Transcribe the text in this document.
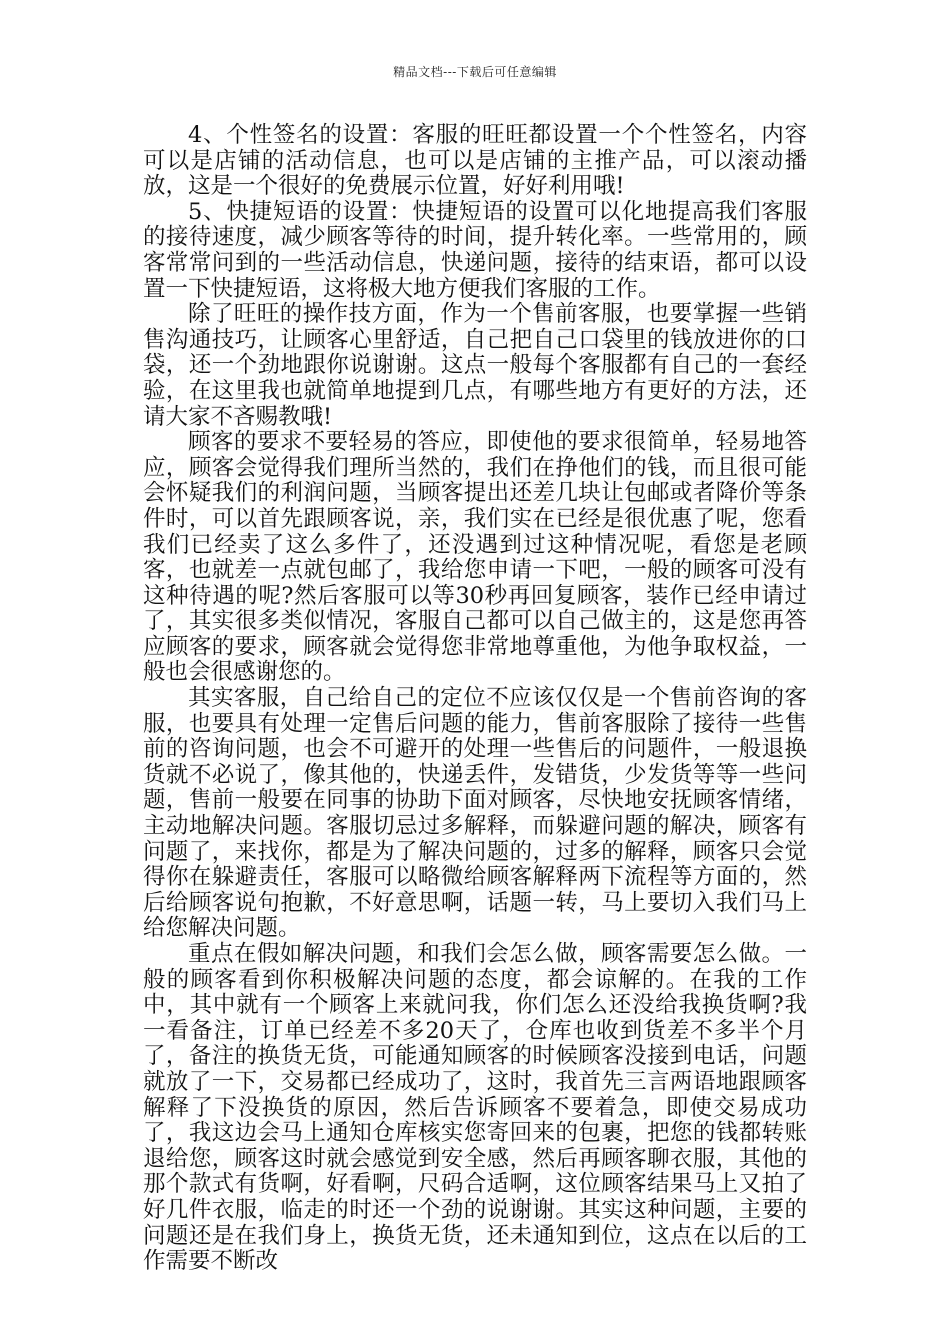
精品文档---下载后可任意编辑

4、个性签名的设置：客服的旺旺都设置一个个性签名，内容可以是店铺的活动信息，也可以是店铺的主推产品，可以滚动播放，这是一个很好的免费展示位置，好好利用哦!

5、快捷短语的设置：快捷短语的设置可以化地提高我们客服的接待速度，减少顾客等待的时间，提升转化率。一些常用的，顾客常常问到的一些活动信息，快递问题，接待的结束语，都可以设置一下快捷短语，这将极大地方便我们客服的工作。

除了旺旺的操作技方面，作为一个售前客服，也要掌握一些销售沟通技巧，让顾客心里舒适，自己把自己口袋里的钱放进你的口袋，还一个劲地跟你说谢谢。这点一般每个客服都有自己的一套经验，在这里我也就简单地提到几点，有哪些地方有更好的方法，还请大家不吝赐教哦!

顾客的要求不要轻易的答应，即使他的要求很简单，轻易地答应，顾客会觉得我们理所当然的，我们在挣他们的钱，而且很可能会怀疑我们的利润问题，当顾客提出还差几块让包邮或者降价等条件时，可以首先跟顾客说，亲，我们实在已经是很优惠了呢，您看我们已经卖了这么多件了，还没遇到过这种情况呢，看您是老顾客，也就差一点就包邮了，我给您申请一下吧，一般的顾客可没有这种待遇的呢?然后客服可以等30秒再回复顾客，装作已经申请过了，其实很多类似情况，客服自己都可以自己做主的，这是您再答应顾客的要求，顾客就会觉得您非常地尊重他，为他争取权益，一般也会很感谢您的。

其实客服，自己给自己的定位不应该仅仅是一个售前咨询的客服，也要具有处理一定售后问题的能力，售前客服除了接待一些售前的咨询问题，也会不可避开的处理一些售后的问题件，一般退换货就不必说了，像其他的，快递丢件，发错货，少发货等等一些问题，售前一般要在同事的协助下面对顾客，尽快地安抚顾客情绪，主动地解决问题。客服切忌过多解释，而躲避问题的解决，顾客有问题了，来找你，都是为了解决问题的，过多的解释，顾客只会觉得你在躲避责任，客服可以略微给顾客解释两下流程等方面的，然后给顾客说句抱歉，不好意思啊，话题一转，马上要切入我们马上给您解决问题。

重点在假如解决问题，和我们会怎么做，顾客需要怎么做。一般的顾客看到你积极解决问题的态度，都会谅解的。在我的工作中，其中就有一个顾客上来就问我，你们怎么还没给我换货啊?我一看备注，订单已经差不多20天了，仓库也收到货差不多半个月了，备注的换货无货，可能通知顾客的时候顾客没接到电话，问题就放了一下，交易都已经成功了，这时，我首先三言两语地跟顾客解释了下没换货的原因，然后告诉顾客不要着急，即使交易成功了，我这边会马上通知仓库核实您寄回来的包裹，把您的钱都转账退给您，顾客这时就会感觉到安全感，然后再顾客聊衣服，其他的那个款式有货啊，好看啊，尺码合适啊，这位顾客结果马上又拍了好几件衣服，临走的时还一个劲的说谢谢。其实这种问题，主要的问题还是在我们身上，换货无货，还未通知到位，这点在以后的工作需要不断改
